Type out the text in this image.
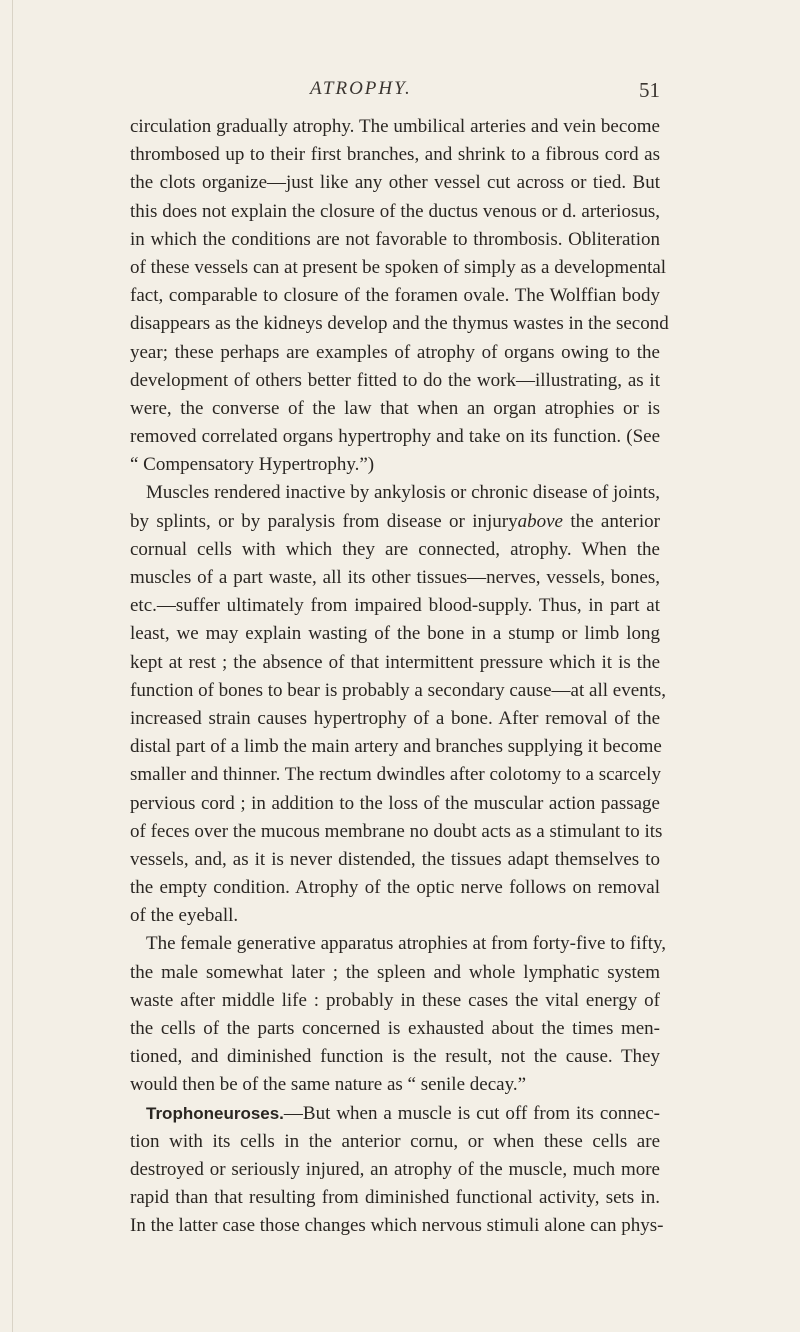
ATROPHY.	51
circulation gradually atrophy. The umbilical arteries and vein become
thrombosed up to their first branches, and shrink to a fibrous cord as
the clots organize—just like any other vessel cut across or tied. But
this does not explain the closure of the ductus venous or d. arteriosus,
in which the conditions are not favorable to thrombosis. Obliteration
of these vessels can at present be spoken of simply as a developmental
fact, comparable to closure of the foramen ovale. The Wolffian body
disappears as the kidneys develop and the thymus wastes in the second
year; these perhaps are examples of atrophy of organs owing to the
development of others better fitted to do the work—illustrating, as it
were, the converse of the law that when an organ atrophies or is
removed correlated organs hypertrophy and take on its function. (See
“ Compensatory Hypertrophy.”)
Muscles rendered inactive by ankylosis or chronic disease of joints,
by splints, or by paralysis from disease or injuryabove the anterior
cornual cells with which they are connected, atrophy. When the
muscles of a part waste, all its other tissues—nerves, vessels, bones,
etc.—suffer ultimately from impaired blood-supply. Thus, in part at
least, we may explain wasting of the bone in a stump or limb long
kept at rest ; the absence of that intermittent pressure which it is the
function of bones to bear is probably a secondary cause—at all events,
increased strain causes hypertrophy of a bone. After removal of the
distal part of a limb the main artery and branches supplying it become
smaller and thinner. The rectum dwindles after colotomy to a scarcely
pervious cord ; in addition to the loss of the muscular action passage
of feces over the mucous membrane no doubt acts as a stimulant to its
vessels, and, as it is never distended, the tissues adapt themselves to
the empty condition. Atrophy of the optic nerve follows on removal
of the eyeball.
The female generative apparatus atrophies at from forty-five to fifty,
the male somewhat later ; the spleen and whole lymphatic system
waste after middle life : probably in these cases the vital energy of
the cells of the parts concerned is exhausted about the times men-
tioned, and diminished function is the result, not the cause. They
would then be of the same nature as “ senile decay.”
Trophoneuroses.—But when a muscle is cut off from its connec-
tion with its cells in the anterior cornu, or when these cells are
destroyed or seriously injured, an atrophy of the muscle, much more
rapid than that resulting from diminished functional activity, sets in.
In the latter case those changes which nervous stimuli alone can phys-
